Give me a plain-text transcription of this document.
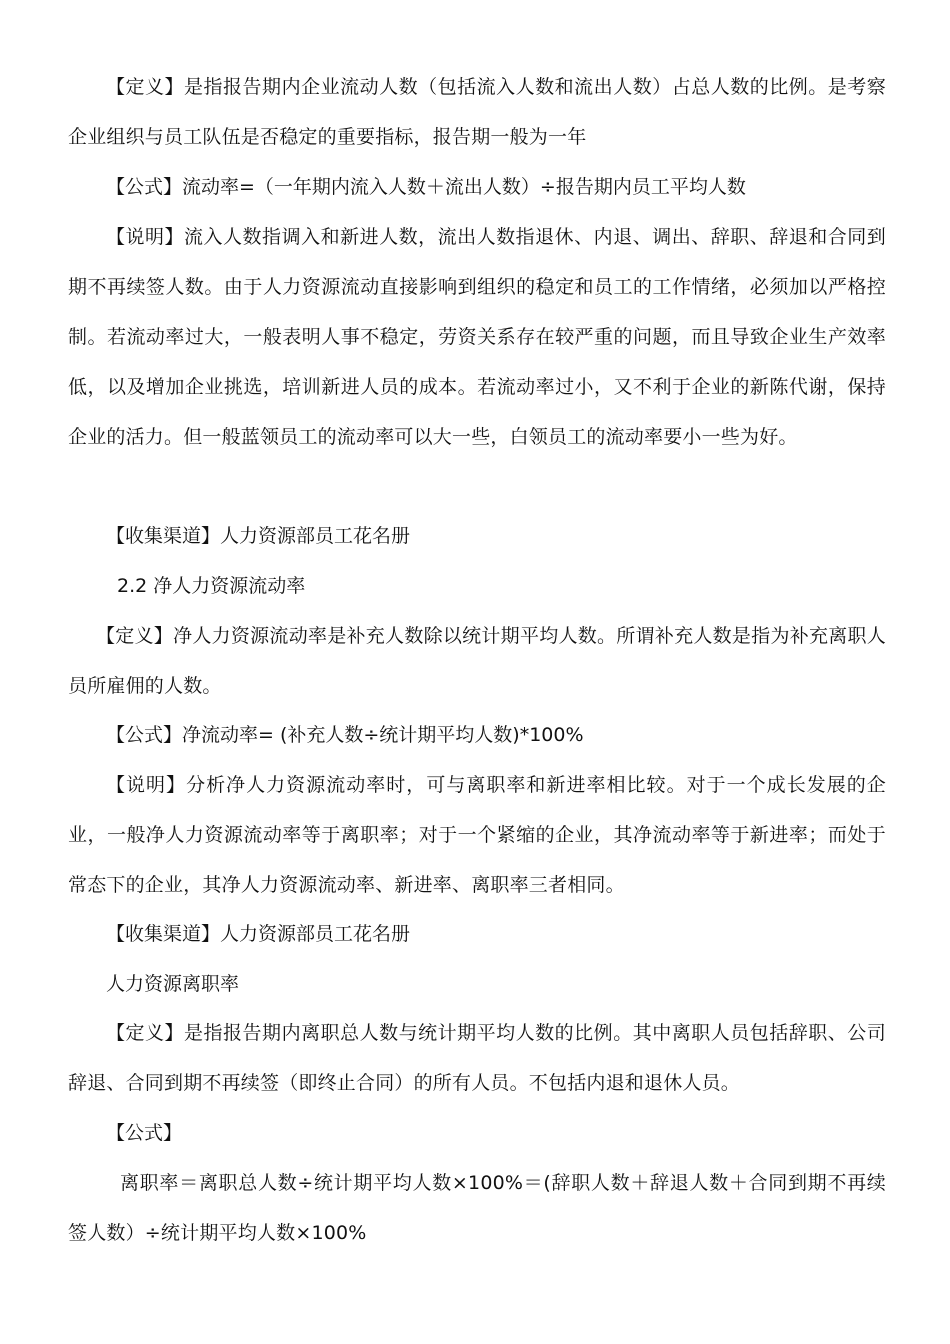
【定义】是指报告期内企业流动人数（包括流入人数和流出人数）占总人数的比例。是考察企业组织与员工队伍是否稳定的重要指标，报告期一般为一年

【公式】流动率=（一年期内流入人数＋流出人数）÷报告期内员工平均人数

【说明】流入人数指调入和新进人数，流出人数指退休、内退、调出、辞职、辞退和合同到期不再续签人数。由于人力资源流动直接影响到组织的稳定和员工的工作情绪，必须加以严格控制。若流动率过大，一般表明人事不稳定，劳资关系存在较严重的问题，而且导致企业生产效率低，以及增加企业挑选，培训新进人员的成本。若流动率过小，又不利于企业的新陈代谢，保持企业的活力。但一般蓝领员工的流动率可以大一些，白领员工的流动率要小一些为好。

【收集渠道】人力资源部员工花名册

2.2 净人力资源流动率

【定义】净人力资源流动率是补充人数除以统计期平均人数。所谓补充人数是指为补充离职人员所雇佣的人数。

【公式】净流动率= (补充人数÷统计期平均人数)*100%

【说明】分析净人力资源流动率时，可与离职率和新进率相比较。对于一个成长发展的企业，一般净人力资源流动率等于离职率；对于一个紧缩的企业，其净流动率等于新进率；而处于常态下的企业，其净人力资源流动率、新进率、离职率三者相同。

【收集渠道】人力资源部员工花名册

人力资源离职率

【定义】是指报告期内离职总人数与统计期平均人数的比例。其中离职人员包括辞职、公司辞退、合同到期不再续签（即终止合同）的所有人员。不包括内退和退休人员。

【公式】

离职率＝离职总人数÷统计期平均人数×100%＝(辞职人数＋辞退人数＋合同到期不再续签人数）÷统计期平均人数×100%
